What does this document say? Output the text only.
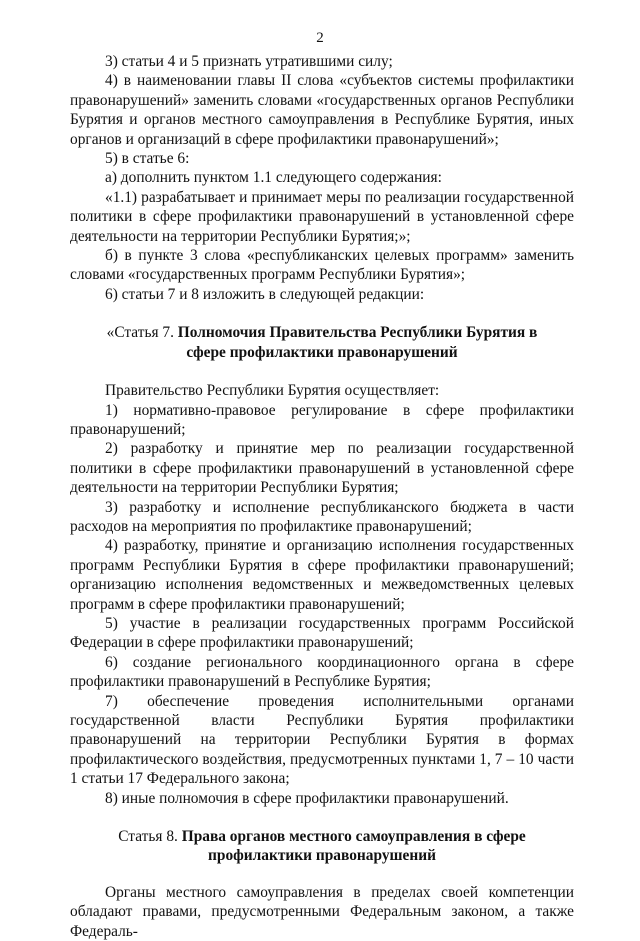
2

3) статьи 4 и 5 признать утратившими силу;

4) в наименовании главы II слова «субъектов системы профилактики правонарушений» заменить словами «государственных органов Республики Бурятия и органов местного самоуправления в Республике Бурятия, иных органов и организаций в сфере профилактики правонарушений»;

5) в статье 6:

а) дополнить пунктом 1.1 следующего содержания:

«1.1) разрабатывает и принимает меры по реализации государственной политики в сфере профилактики правонарушений в установленной сфере деятельности на территории Республики Бурятия;»;

б) в пункте 3 слова «республиканских целевых программ» заменить словами «государственных программ Республики Бурятия»;

6) статьи 7 и 8 изложить в следующей редакции:

«Статья 7. Полномочия Правительства Республики Бурятия в сфере профилактики правонарушений

Правительство Республики Бурятия осуществляет:

1) нормативно-правовое регулирование в сфере профилактики правонарушений;

2) разработку и принятие мер по реализации государственной политики в сфере профилактики правонарушений в установленной сфере деятельности на территории Республики Бурятия;

3) разработку и исполнение республиканского бюджета в части расходов на мероприятия по профилактике правонарушений;

4) разработку, принятие и организацию исполнения государственных программ Республики Бурятия в сфере профилактики правонарушений; организацию исполнения ведомственных и межведомственных целевых программ в сфере профилактики правонарушений;

5) участие в реализации государственных программ Российской Федерации в сфере профилактики правонарушений;

6) создание регионального координационного органа в сфере профилактики правонарушений в Республике Бурятия;

7) обеспечение проведения исполнительными органами государственной власти Республики Бурятия профилактики правонарушений на территории Республики Бурятия в формах профилактического воздействия, предусмотренных пунктами 1, 7 – 10 части 1 статьи 17 Федерального закона;

8) иные полномочия в сфере профилактики правонарушений.

Статья 8. Права органов местного самоуправления в сфере профилактики правонарушений

Органы местного самоуправления в пределах своей компетенции обладают правами, предусмотренными Федеральным законом, а также Федераль-
